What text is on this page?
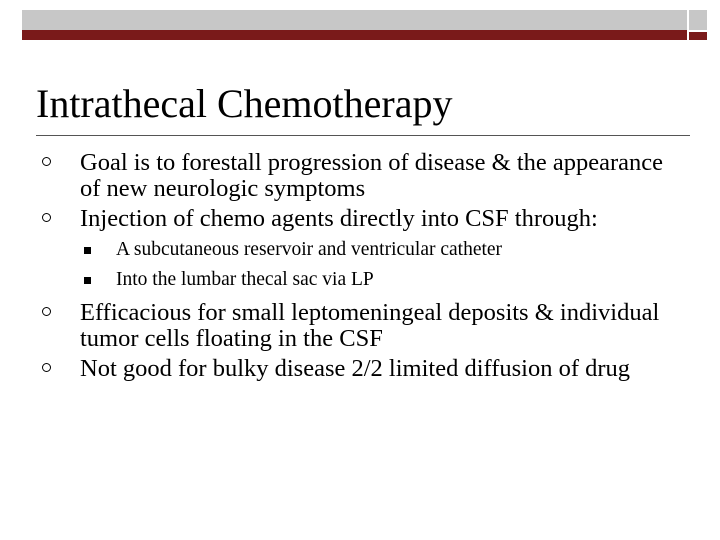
Intrathecal Chemotherapy
Goal is to forestall progression of disease & the appearance of new neurologic symptoms
Injection of chemo agents directly into CSF through:
A subcutaneous reservoir and ventricular catheter
Into the lumbar thecal sac via LP
Efficacious for small leptomeningeal deposits & individual tumor cells floating in the CSF
Not good for bulky disease 2/2 limited diffusion of drug
